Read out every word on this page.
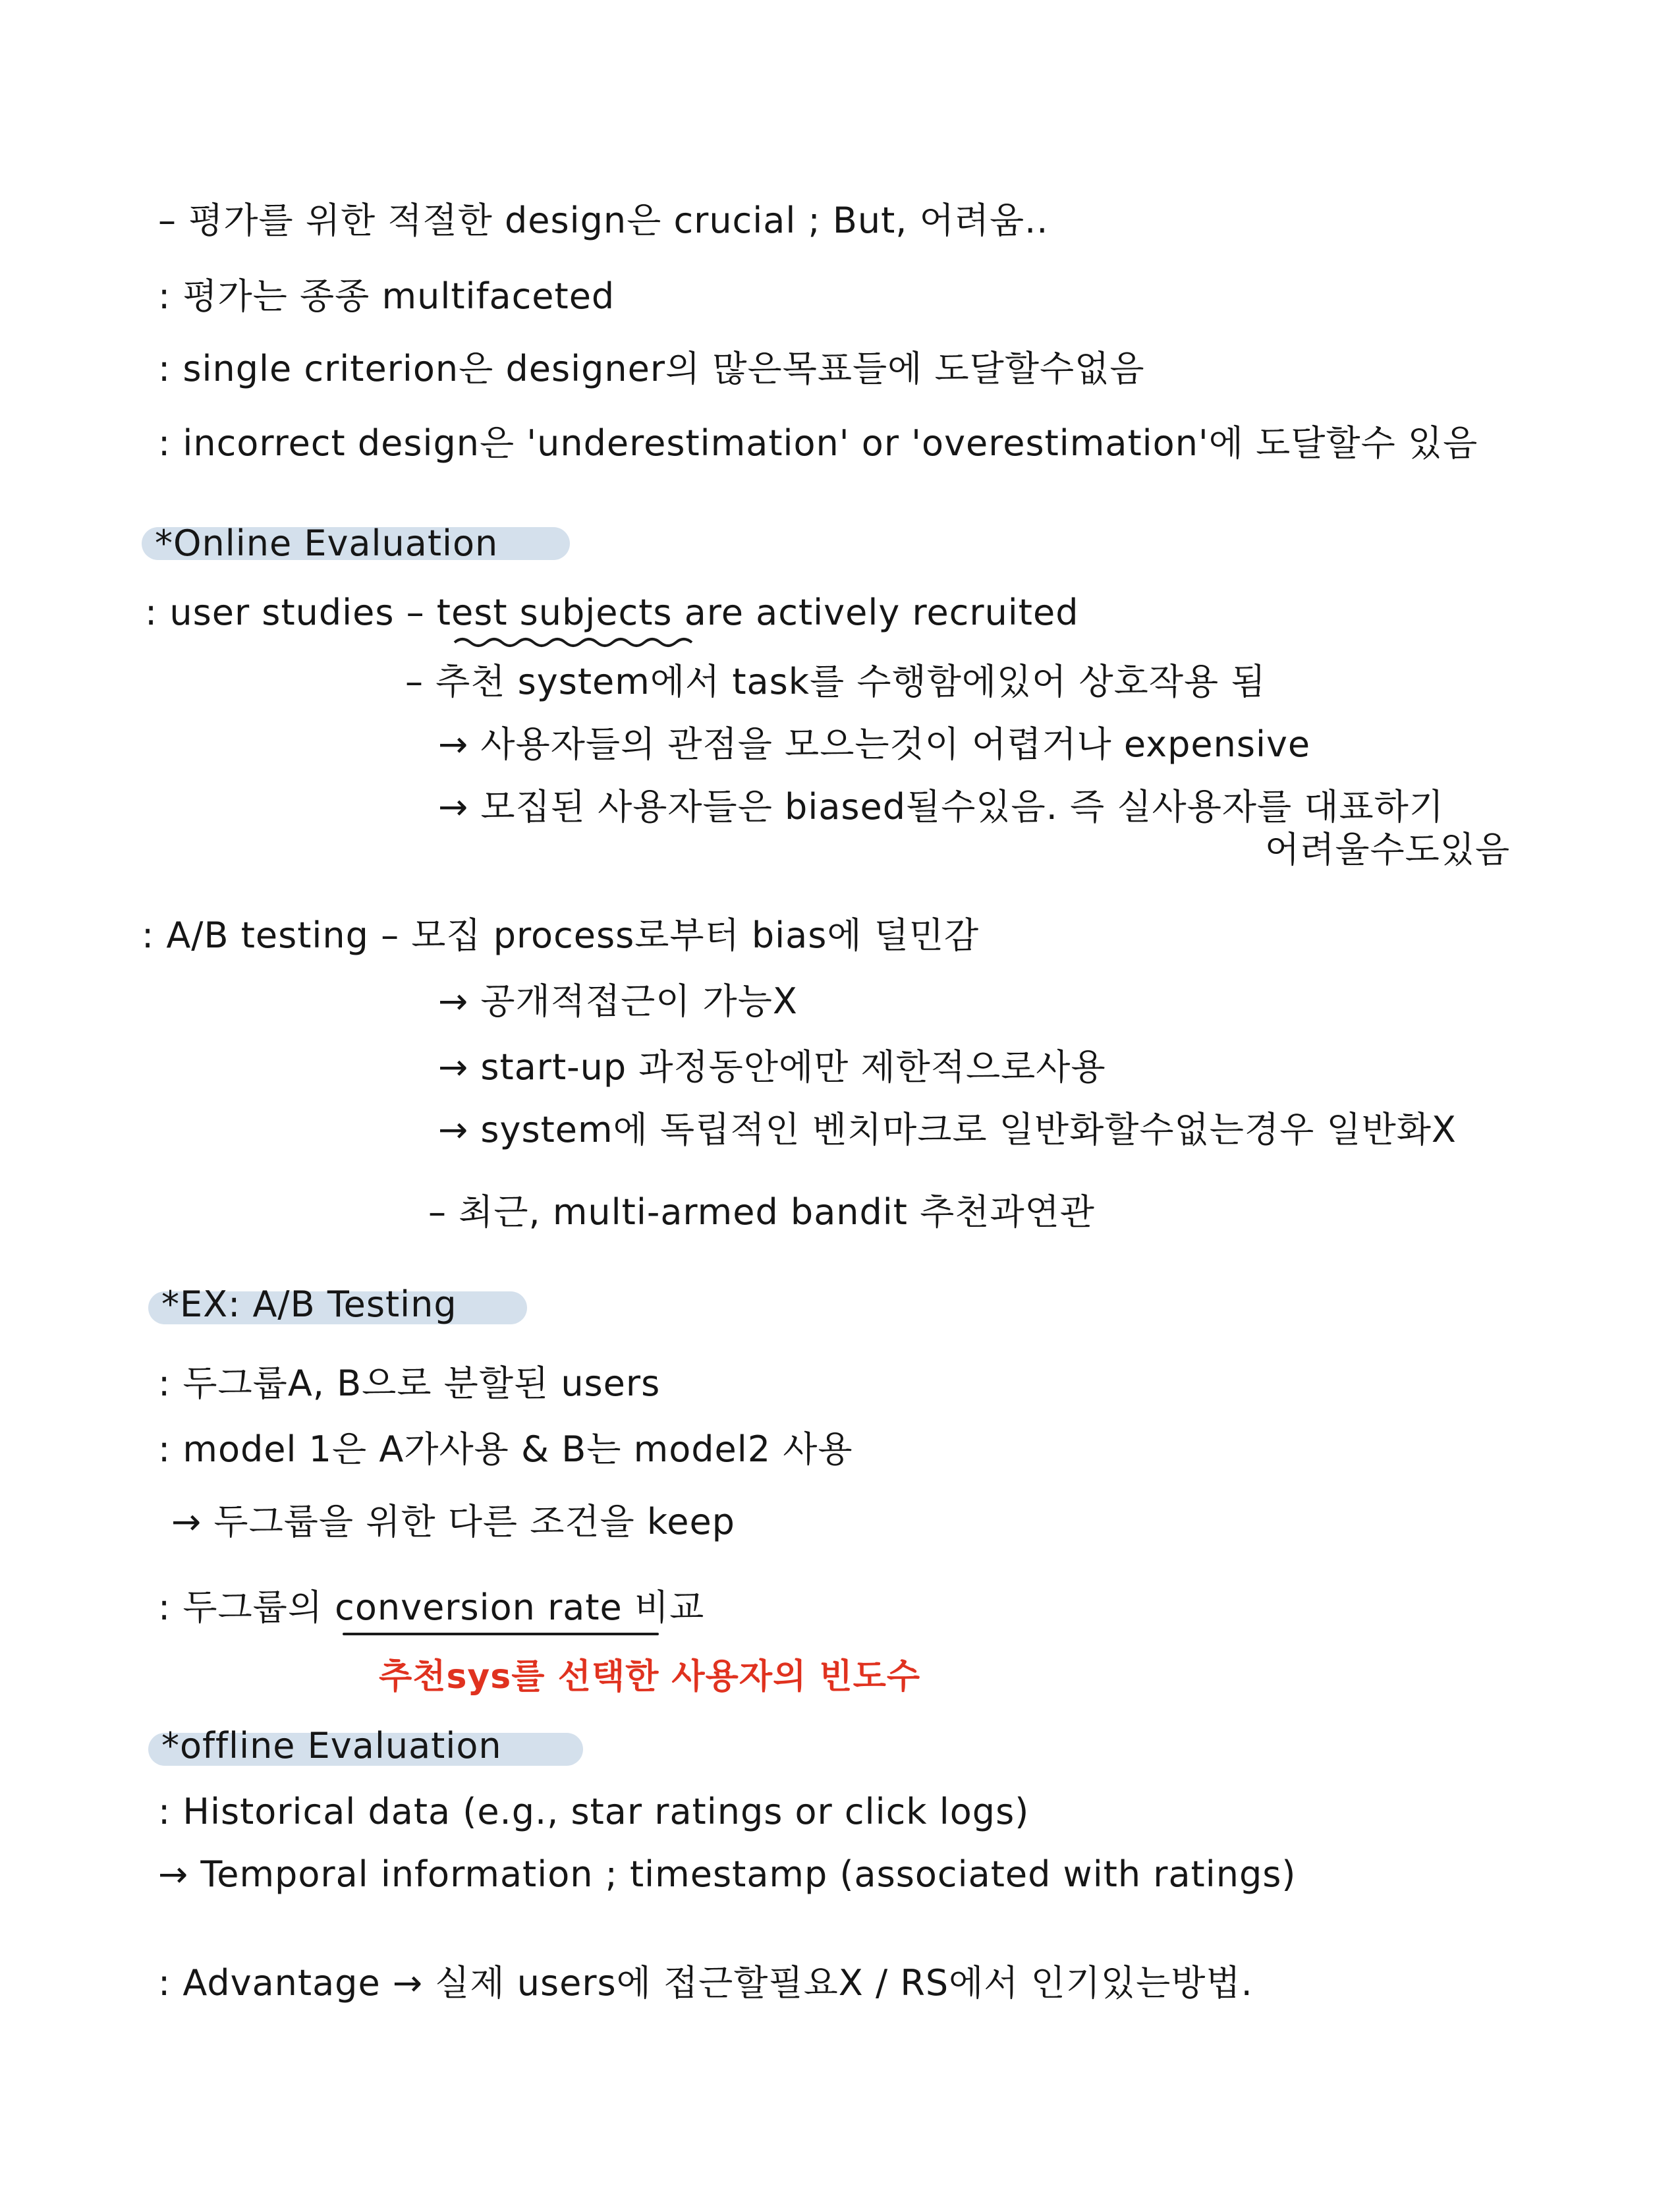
– 평가를 위한 적절한 design은 crucial ; But, 어려움..
: 평가는 종종 multifaceted
: single criterion은 designer의 많은목표들에 도달할수없음
: incorrect design은 'underestimation' or 'overestimation'에 도달할수 있음
*Online Evaluation
: user studies – test subjects are actively recruited
– 추천 system에서 task를 수행함에있어 상호작용 됨
→ 사용자들의 관점을 모으는것이 어렵거나 expensive
→ 모집된 사용자들은 biased될수있음. 즉 실사용자를 대표하기
어려울수도있음
: A/B testing – 모집 process로부터 bias에 덜민감
→ 공개적접근이 가능X
→ start-up 과정동안에만 제한적으로사용
→ system에 독립적인 벤치마크로 일반화할수없는경우 일반화X
– 최근, multi-armed bandit 추천과연관
*EX: A/B Testing
: 두그룹A, B으로 분할된 users
: model 1은 A가사용 & B는 model2 사용
→ 두그룹을 위한 다른 조건을 keep
: 두그룹의 conversion rate 비교
추천sys를 선택한 사용자의 빈도수
*offline Evaluation
: Historical data (e.g., star ratings or click logs)
→ Temporal information ; timestamp (associated with ratings)
: Advantage → 실제 users에 접근할필요X / RS에서 인기있는방법.
